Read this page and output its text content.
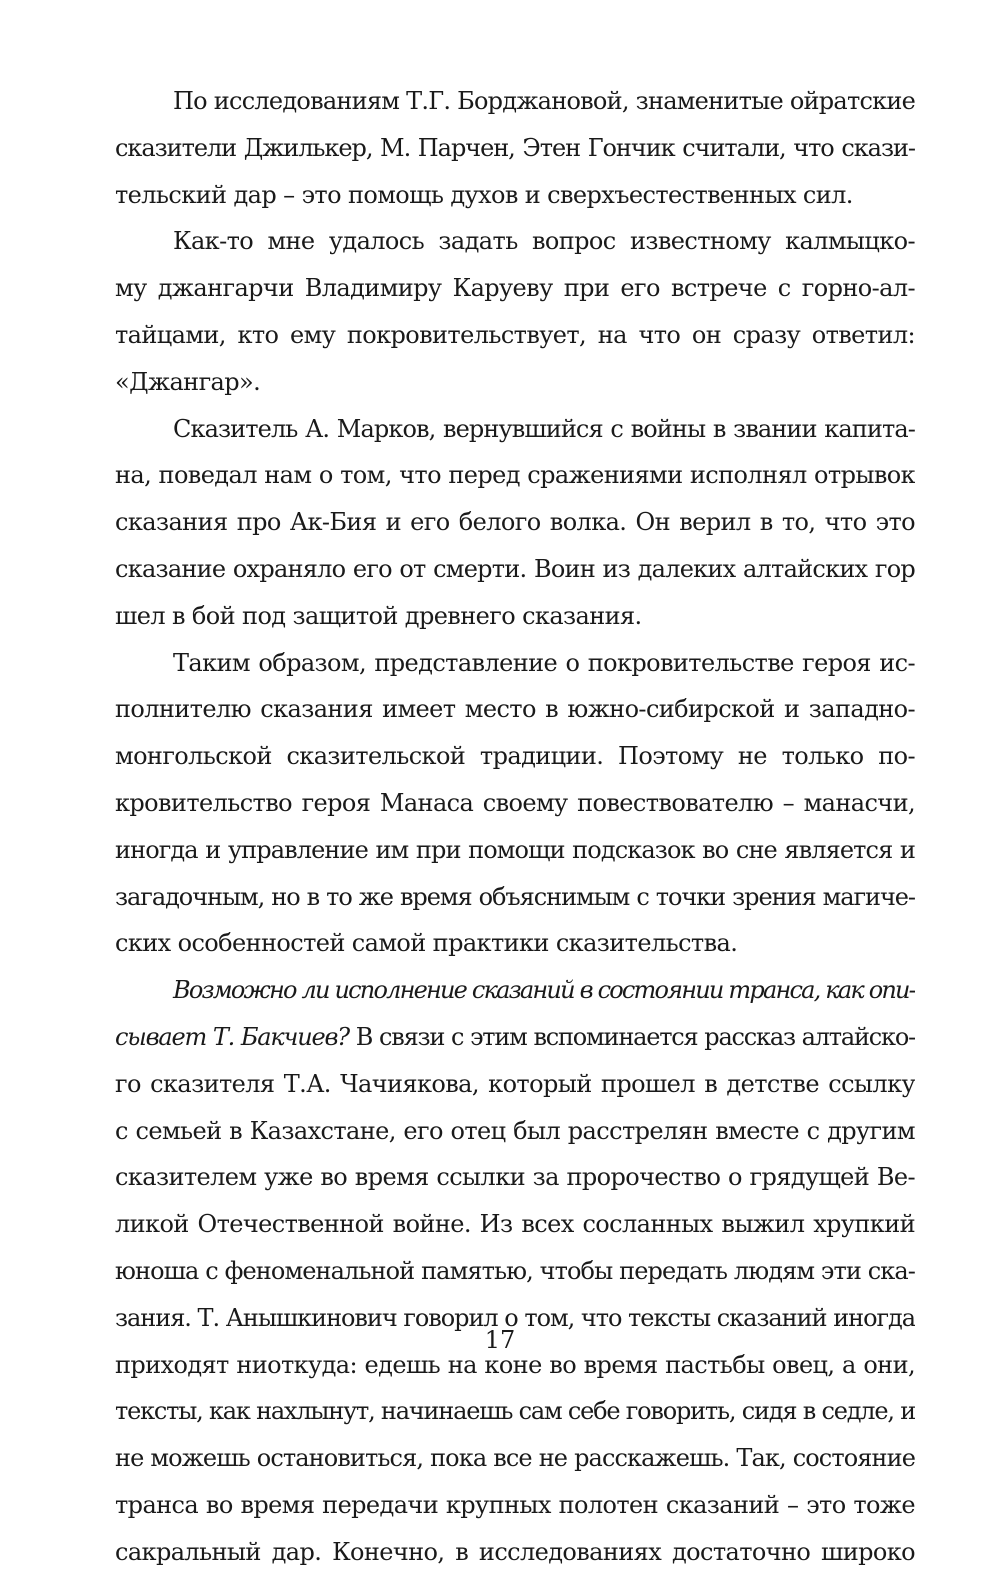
По исследованиям Т.Г. Борджановой, знаменитые ойратские
сказители Джилькер, М. Парчен, Этен Гончик считали, что скази-
тельский дар – это помощь духов и сверхъестественных сил.
Как-то мне удалось задать вопрос известному калмыцко-
му джангарчи Владимиру Каруеву при его встрече с горно-ал-
тайцами, кто ему покровительствует, на что он сразу ответил:
«Джангар».
Сказитель А. Марков, вернувшийся с войны в звании капита-
на, поведал нам о том, что перед сражениями исполнял отрывок
сказания про Ак-Бия и его белого волка. Он верил в то, что это
сказание охраняло его от смерти. Воин из далеких алтайских гор
шел в бой под защитой древнего сказания.
Таким образом, представление о покровительстве героя ис-
полнителю сказания имеет место в южно-сибирской и западно-
монгольской сказительской традиции. Поэтому не только по-
кровительство героя Манаса своему повествователю – манасчи,
иногда и управление им при помощи подсказок во сне является и
загадочным, но в то же время объяснимым с точки зрения магиче-
ских особенностей самой практики сказительства.
Возможно ли исполнение сказаний в состоянии транса, как опи-
сывает Т. Бакчиев? В связи с этим вспоминается рассказ алтайско-
го сказителя Т.А. Чачиякова, который прошел в детстве ссылку
с семьей в Казахстане, его отец был расстрелян вместе с другим
сказителем уже во время ссылки за пророчество о грядущей Ве-
ликой Отечественной войне. Из всех сосланных выжил хрупкий
юноша с феноменальной памятью, чтобы передать людям эти ска-
зания. Т. Анышкинович говорил о том, что тексты сказаний иногда
приходят ниоткуда: едешь на коне во время пастьбы овец, а они,
тексты, как нахлынут, начинаешь сам себе говорить, сидя в седле, и
не можешь остановиться, пока все не расскажешь. Так, состояние
транса во время передачи крупных полотен сказаний – это тоже
сакральный дар. Конечно, в исследованиях достаточно широко
17
